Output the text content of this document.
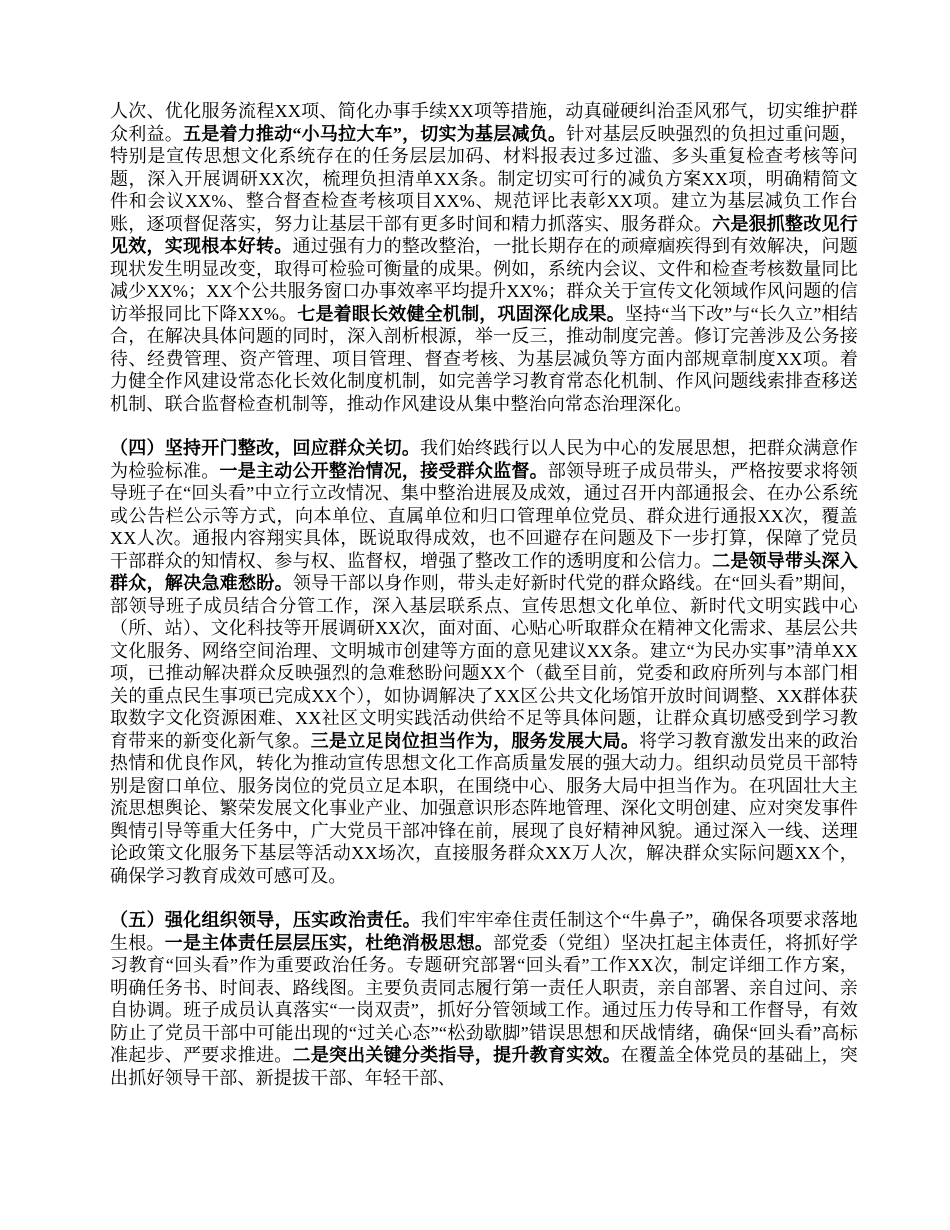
人次、优化服务流程XX项、简化办事手续XX项等措施，动真碰硬纠治歪风邪气，切实维护群众利益。五是着力推动“小马拉大车”，切实为基层减负。针对基层反映强烈的负担过重问题，特别是宣传思想文化系统存在的任务层层加码、材料报表过多过滥、多头重复检查考核等问题，深入开展调研XX次，梳理负担清单XX条。制定切实可行的减负方案XX项，明确精简文件和会议XX%、整合督查检查考核项目XX%、规范评比表彰XX项。建立为基层减负工作台账，逐项督促落实，努力让基层干部有更多时间和精力抓落实、服务群众。六是狠抓整改见行见效，实现根本好转。通过强有力的整改整治，一批长期存在的顽瘴痼疾得到有效解决，问题现状发生明显改变，取得可检验可衡量的成果。例如，系统内会议、文件和检查考核数量同比减少XX%；XX个公共服务窗口办事效率平均提升XX%；群众关于宣传文化领域作风问题的信访举报同比下降XX%。七是着眼长效健全机制，巩固深化成果。坚持“当下改”与“长久立”相结合，在解决具体问题的同时，深入剖析根源，举一反三，推动制度完善。修订完善涉及公务接待、经费管理、资产管理、项目管理、督查考核、为基层减负等方面内部规章制度XX项。着力健全作风建设常态化长效化制度机制，如完善学习教育常态化机制、作风问题线索排查移送机制、联合监督检查机制等，推动作风建设从集中整治向常态治理深化。

（四）坚持开门整改，回应群众关切。我们始终践行以人民为中心的发展思想，把群众满意作为检验标准。一是主动公开整治情况，接受群众监督。部领导班子成员带头，严格按要求将领导班子在“回头看”中立行立改情况、集中整治进展及成效，通过召开内部通报会、在办公系统或公告栏公示等方式，向本单位、直属单位和归口管理单位党员、群众进行通报XX次，覆盖XX人次。通报内容翔实具体，既说取得成效，也不回避存在问题及下一步打算，保障了党员干部群众的知情权、参与权、监督权，增强了整改工作的透明度和公信力。二是领导带头深入群众，解决急难愁盼。领导干部以身作则，带头走好新时代党的群众路线。在“回头看”期间，部领导班子成员结合分管工作，深入基层联系点、宣传思想文化单位、新时代文明实践中心（所、站）、文化科技等开展调研XX次，面对面、心贴心听取群众在精神文化需求、基层公共文化服务、网络空间治理、文明城市创建等方面的意见建议XX条。建立“为民办实事”清单XX项，已推动解决群众反映强烈的急难愁盼问题XX个（截至目前，党委和政府所列与本部门相关的重点民生事项已完成XX个），如协调解决了XX区公共文化场馆开放时间调整、XX群体获取数字文化资源困难、XX社区文明实践活动供给不足等具体问题，让群众真切感受到学习教育带来的新变化新气象。三是立足岗位担当作为，服务发展大局。将学习教育激发出来的政治热情和优良作风，转化为推动宣传思想文化工作高质量发展的强大动力。组织动员党员干部特别是窗口单位、服务岗位的党员立足本职，在围绕中心、服务大局中担当作为。在巩固壮大主流思想舆论、繁荣发展文化事业产业、加强意识形态阵地管理、深化文明创建、应对突发事件舆情引导等重大任务中，广大党员干部冲锋在前，展现了良好精神风貌。通过深入一线、送理论政策文化服务下基层等活动XX场次，直接服务群众XX万人次，解决群众实际问题XX个，确保学习教育成效可感可及。

（五）强化组织领导，压实政治责任。我们牢牢牵住责任制这个“牛鼻子”，确保各项要求落地生根。一是主体责任层层压实，杜绝消极思想。部党委（党组）坚决扛起主体责任，将抓好学习教育“回头看”作为重要政治任务。专题研究部署“回头看”工作XX次，制定详细工作方案，明确任务书、时间表、路线图。主要负责同志履行第一责任人职责，亲自部署、亲自过问、亲自协调。班子成员认真落实“一岗双责”，抓好分管领域工作。通过压力传导和工作督导，有效防止了党员干部中可能出现的“过关心态”“松劲歇脚”错误思想和厌战情绪，确保“回头看”高标准起步、严要求推进。二是突出关键分类指导，提升教育实效。在覆盖全体党员的基础上，突出抓好领导干部、新提拔干部、年轻干部、
